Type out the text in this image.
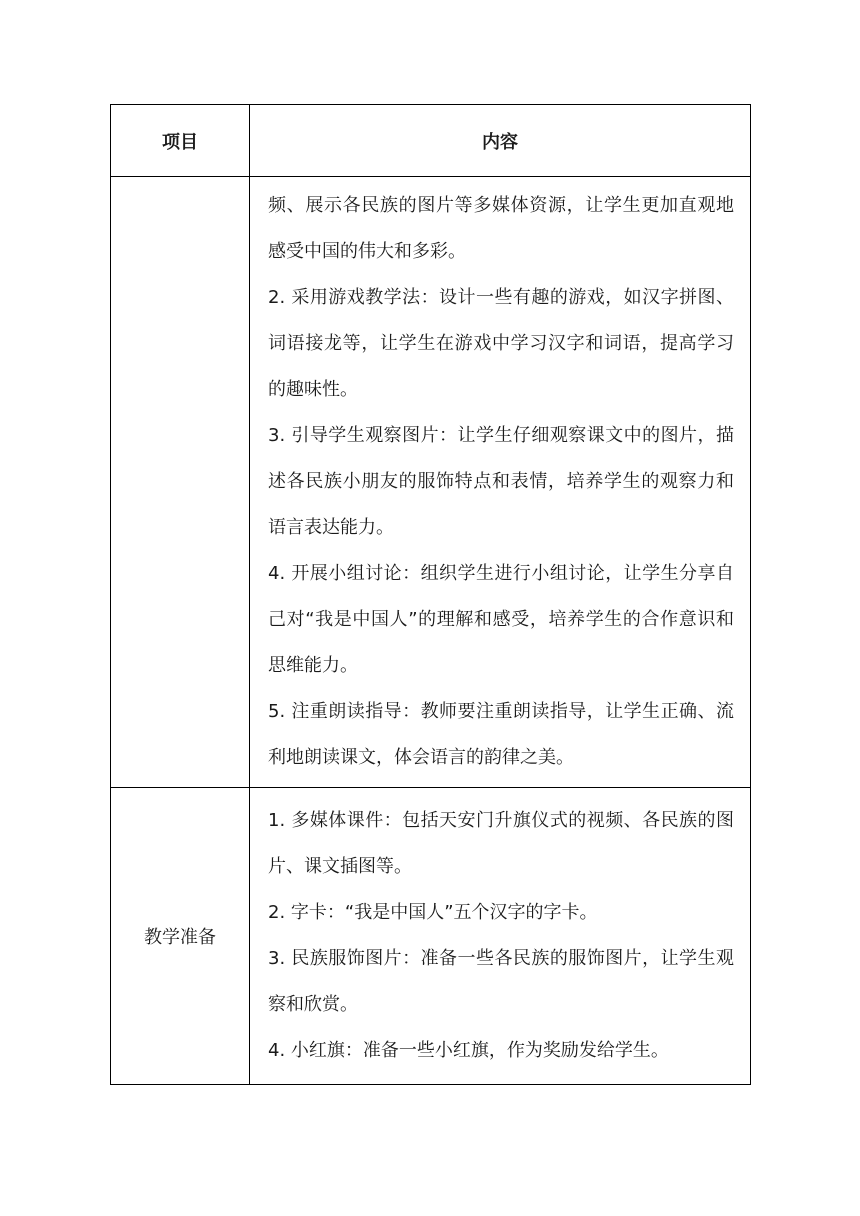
项目	内容

	频、展示各民族的图片等多媒体资源，让学生更加直观地感受中国的伟大和多彩。

2. 采用游戏教学法：设计一些有趣的游戏，如汉字拼图、词语接龙等，让学生在游戏中学习汉字和词语，提高学习的趣味性。

3. 引导学生观察图片：让学生仔细观察课文中的图片，描述各民族小朋友的服饰特点和表情，培养学生的观察力和语言表达能力。

4. 开展小组讨论：组织学生进行小组讨论，让学生分享自己对“我是中国人”的理解和感受，培养学生的合作意识和思维能力。

5. 注重朗读指导：教师要注重朗读指导，让学生正确、流利地朗读课文，体会语言的韵律之美。

教学准备	1. 多媒体课件：包括天安门升旗仪式的视频、各民族的图片、课文插图等。

2. 字卡：“我是中国人”五个汉字的字卡。

3. 民族服饰图片：准备一些各民族的服饰图片，让学生观察和欣赏。

4. 小红旗：准备一些小红旗，作为奖励发给学生。
